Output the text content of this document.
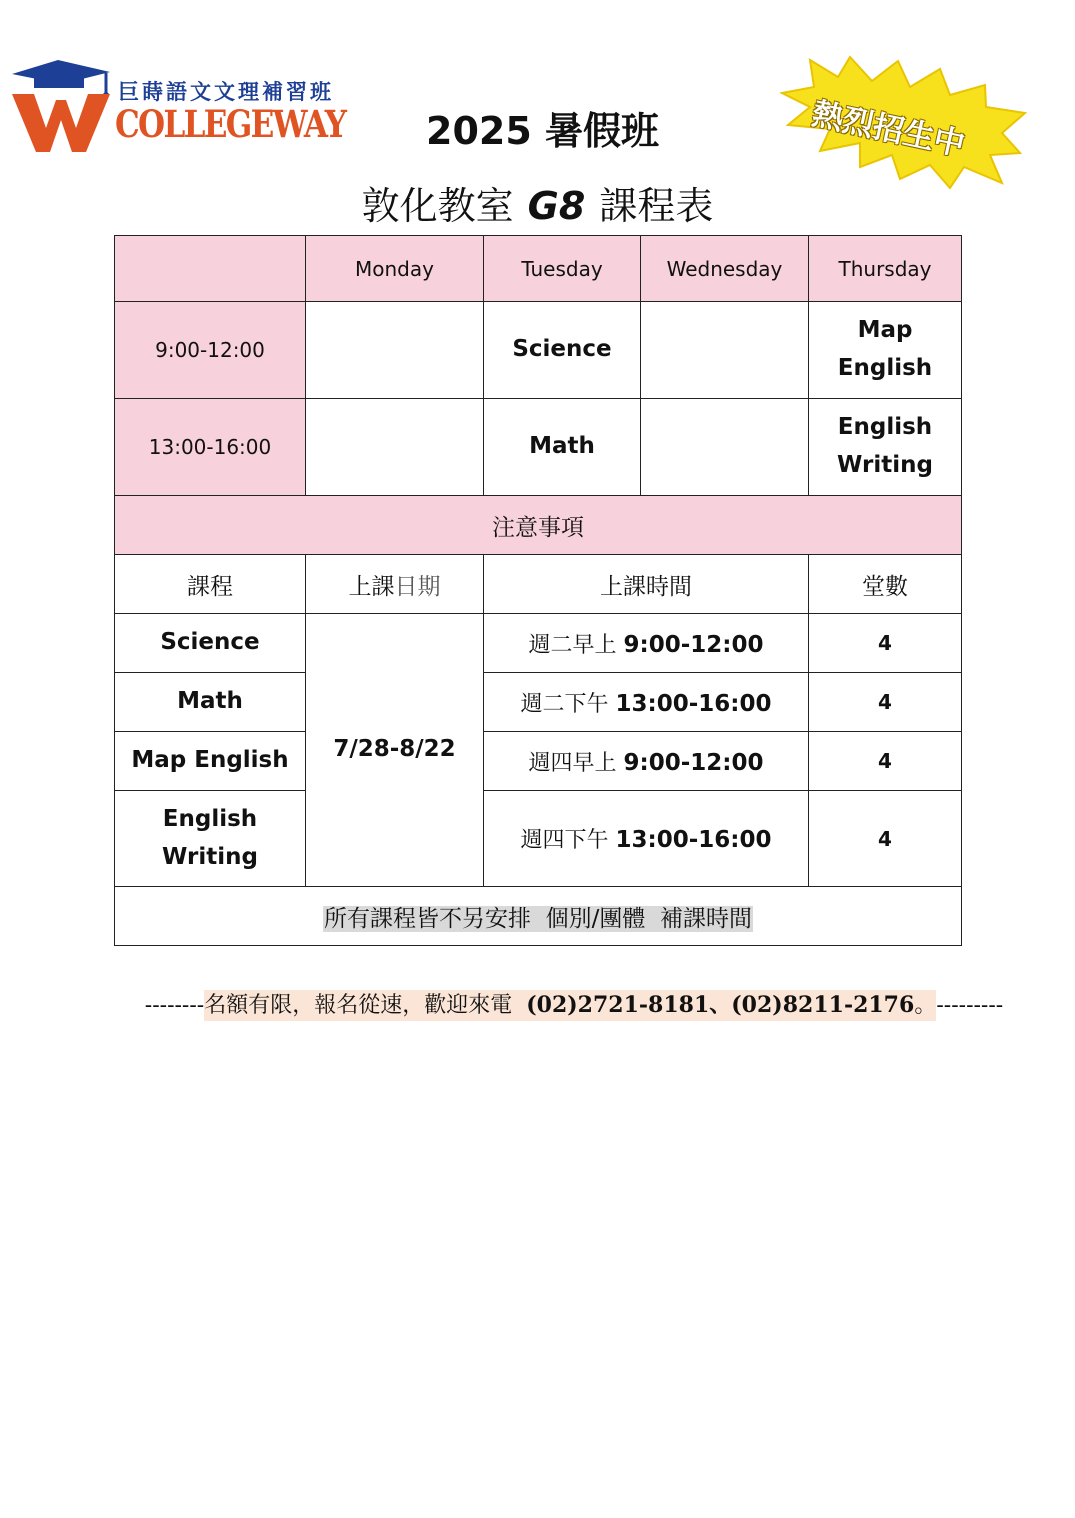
巨蒔語文文理補習班
COLLEGEWAY	熱烈招生中
2025 暑假班
敦化教室 G8 課程表
	Monday	Tuesday	Wednesday	Thursday
9:00-12:00		Science		Map
English

13:00-16:00		Math		English
Writing

注意事項				
課程	上課日期	上課時間		堂數
Science	7/28-8/22	週二早上 9:00-12:00		4
Math		週二下午 13:00-16:00		4
Map English		週四早上 9:00-12:00		4

English
Writing		週四下午 13:00-16:00		4
所有課程皆不另安排  個別/團體  補課時間				
--------名額有限，報名從速，歡迎來電 (02)2721-8181、(02)8211-2176。---------
